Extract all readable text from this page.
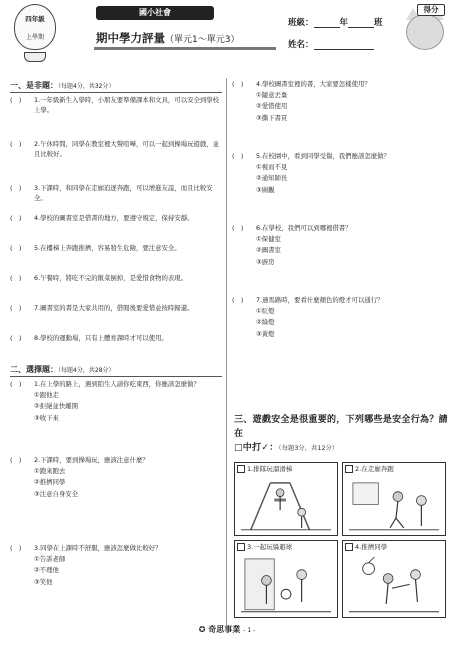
四年級
上學期
國小社會
期中學力評量（單元1～單元3）
班級：	年	班
姓名：
得分
一、是非題：（每題4分，共32分）
(　) 1.一年級新生入學時，小朋友要準備課本和文具，可以安全到學校上學。
(　) 2.午休時間，同學在教室裡大聲喧嘩，可以一起到操場玩遊戲，並且比較好。
(　) 3.下課時，和同學在走廊追逐奔跑，可以增進友誼，而且比較安全。
(　) 4.學校的圖書室是借書的地方，要遵守規定，保持安靜。
(　) 5.在樓梯上奔跑推擠，容易發生危險，要注意安全。
(　) 6.午餐時，將吃不完的飯菜倒掉，是愛惜食物的表現。
(　) 7.圖書室的書是大家共用的，借閱後要愛惜並按時歸還。
(　) 8.學校的運動場，只有上體育課時才可以使用。
二、選擇題：（每題4分，共28分）
(　) 1.在上學的路上，遇到陌生人請你吃東西，你應該怎麼做？
①跟他走
②拒絕並快離開
③收下來
(　) 2.下課時，要到操場玩，應該注意什麼？
①跑來跑去
②推擠同學
③注意自身安全
(　) 3.同學在上課時不舒服，應該怎麼做比較好？
①告訴老師
②不理他
③笑他
(　) 4.學校圖書室裡的書，大家要怎樣使用？
①隨意丟棄
②愛惜使用
③撕下書頁
(　) 5.在校園中，看到同學受傷，我們應該怎麼做？
①視而不見
②通知師長
③圍觀
(　) 6.在學校，我們可以到哪裡借書？
①保健室
②圖書室
③廚房
(　) 7.過馬路時，要看什麼顏色的燈才可以通行？
①紅燈
②綠燈
③黃燈
三、遊戲安全是很重要的，下列哪些是安全行為？請在
□中打✓：（每題3分，共12分）
1.排隊玩溜滑梯	2.在走廊奔跑
3.一起玩躲避球	4.推擠同學
✪ 奇思事業 - 1 -
